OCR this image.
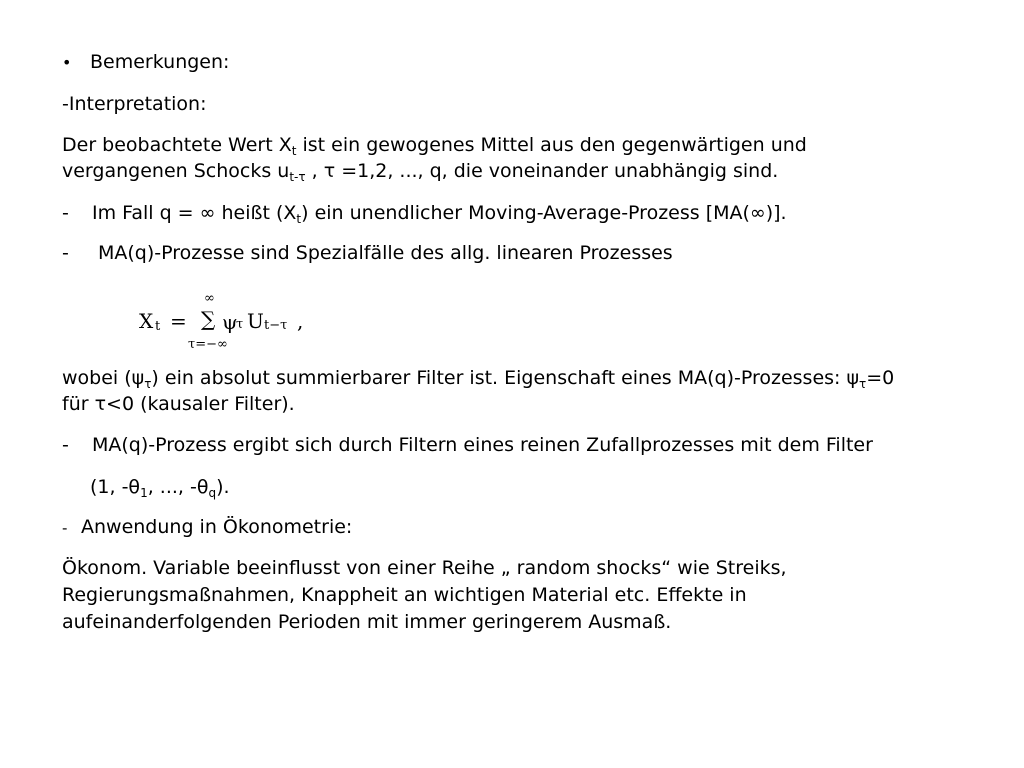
• Bemerkungen:
-Interpretation:
Der beobachtete Wert $X_t$ ist ein gewogenes Mittel aus den gegenwärtigen und
vergangenen Schocks $u_{t-\tau}$ , τ =1,2, ..., q, die voneinander unabhängig sind.
- Im Fall q = ∞ heißt $(X_t)$ ein unendlicher Moving-Average-Prozess [MA(∞)].
- MA(q)-Prozesse sind Spezialfälle des allg. linearen Prozesses
X t =
∞
∑ ψ
τ U t−τ ,
τ=−∞
wobei $(\psi_\tau)$ ein absolut summierbarer Filter ist. Eigenschaft eines MA(q)-Prozesses: $\psi_\tau=0$
für τ<0 (kausaler Filter).
- MA(q)-Prozess ergibt sich durch Filtern eines reinen Zufallprozesses mit dem Filter
(1, $-\theta_1$, ..., $-\theta_q$).
- Anwendung in Ökonometrie:
Ökonom. Variable beeinflusst von einer Reihe „ random shocks“ wie Streiks,
Regierungsmaßnahmen, Knappheit an wichtigen Material etc. Effekte in
aufeinanderfolgenden Perioden mit immer geringerem Ausmaß.
